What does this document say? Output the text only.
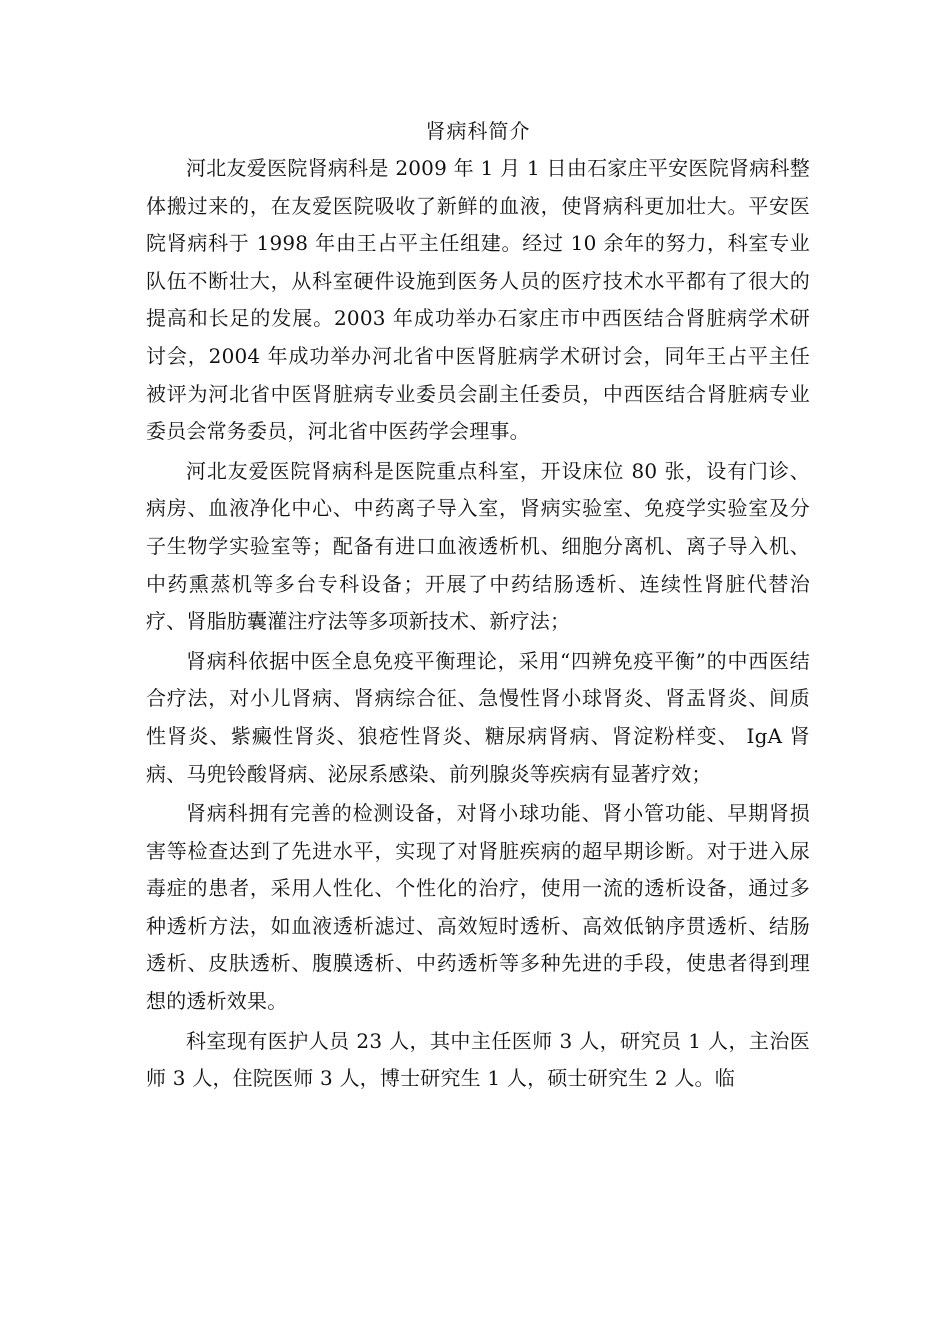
肾病科简介

河北友爱医院肾病科是 2009 年 1 月 1 日由石家庄平安医院肾病科整体搬过来的，在友爱医院吸收了新鲜的血液，使肾病科更加壮大。平安医院肾病科于 1998 年由王占平主任组建。经过 10 余年的努力，科室专业队伍不断壮大，从科室硬件设施到医务人员的医疗技术水平都有了很大的提高和长足的发展。2003 年成功举办石家庄市中西医结合肾脏病学术研讨会，2004 年成功举办河北省中医肾脏病学术研讨会，同年王占平主任被评为河北省中医肾脏病专业委员会副主任委员，中西医结合肾脏病专业委员会常务委员，河北省中医药学会理事。

河北友爱医院肾病科是医院重点科室，开设床位 80 张，设有门诊、病房、血液净化中心、中药离子导入室，肾病实验室、免疫学实验室及分子生物学实验室等；配备有进口血液透析机、细胞分离机、离子导入机、中药熏蒸机等多台专科设备；开展了中药结肠透析、连续性肾脏代替治疗、肾脂肪囊灌注疗法等多项新技术、新疗法；

肾病科依据中医全息免疫平衡理论，采用“四辨免疫平衡”的中西医结合疗法，对小儿肾病、肾病综合征、急慢性肾小球肾炎、肾盂肾炎、间质性肾炎、紫癜性肾炎、狼疮性肾炎、糖尿病肾病、肾淀粉样变、 IgA 肾病、马兜铃酸肾病、泌尿系感染、前列腺炎等疾病有显著疗效；

肾病科拥有完善的检测设备，对肾小球功能、肾小管功能、早期肾损害等检查达到了先进水平，实现了对肾脏疾病的超早期诊断。对于进入尿毒症的患者，采用人性化、个性化的治疗，使用一流的透析设备，通过多种透析方法，如血液透析滤过、高效短时透析、高效低钠序贯透析、结肠透析、皮肤透析、腹膜透析、中药透析等多种先进的手段，使患者得到理想的透析效果。

科室现有医护人员 23 人，其中主任医师 3 人，研究员 1 人，主治医师 3 人，住院医师 3 人，博士研究生 1 人，硕士研究生 2 人。临
